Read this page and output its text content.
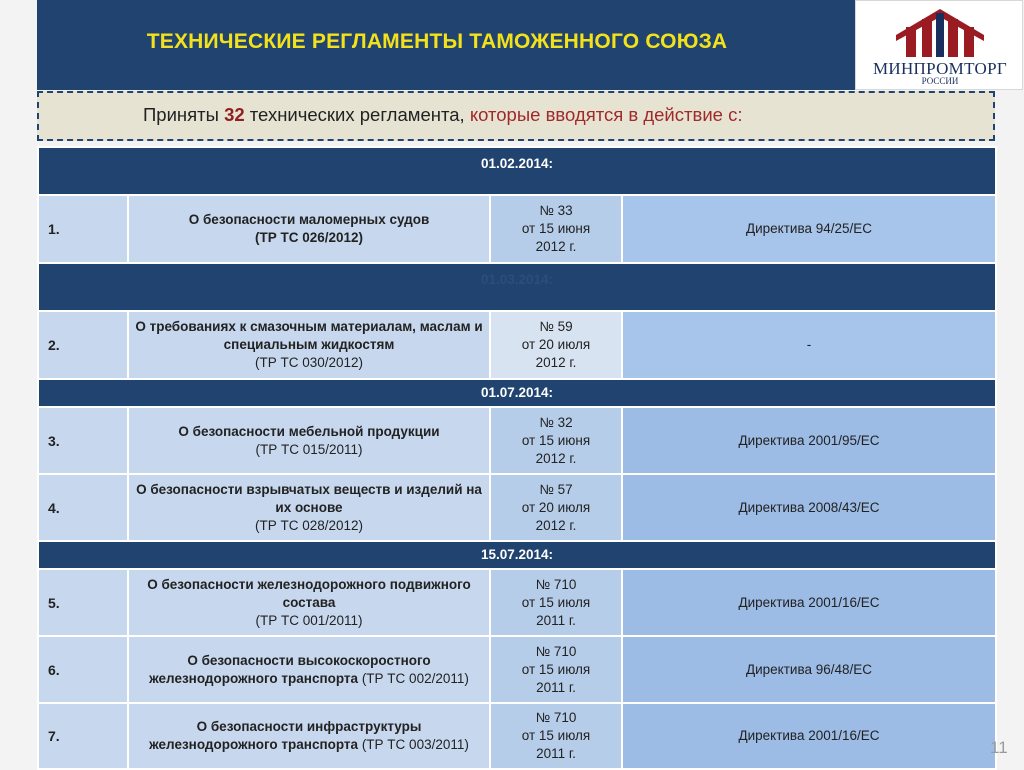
ТЕХНИЧЕСКИЕ РЕГЛАМЕНТЫ ТАМОЖЕННОГО СОЮЗА
МИНПРОМТОРГ
РОССИИ
Приняты 32 технических регламента, которые вводятся в действие с:
01.02.2014:			
1.	О безопасности маломерных судов
(ТР ТС 026/2012)	№ 33
от 15 июня
2012 г.	Директива 94/25/ЕС
01.03.2014:			
2.	О требованиях к смазочным материалам, маслам и специальным жидкостям
(ТР ТС 030/2012)	№ 59
от 20 июля
2012 г.	-
01.07.2014:			
3.	О безопасности мебельной продукции
(ТР ТС 015/2011)	№ 32
от 15 июня
2012 г.	Директива 2001/95/ЕС
4.	О безопасности взрывчатых веществ и изделий на их основе
(ТР ТС 028/2012)	№ 57
от 20 июля
2012 г.	Директива 2008/43/ЕС
15.07.2014:			
5.	О безопасности железнодорожного подвижного состава
(ТР ТС 001/2011)	№ 710
от 15 июля
2011 г.	Директива 2001/16/ЕС
6.	О безопасности высокоскоростного железнодорожного транспорта (ТР ТС 002/2011)	№ 710
от 15 июля
2011 г.	Директива 96/48/ЕС
7.	О безопасности инфраструктуры железнодорожного транспорта (ТР ТС 003/2011)	№ 710
от 15 июля
2011 г.	Директива 2001/16/ЕС
11
